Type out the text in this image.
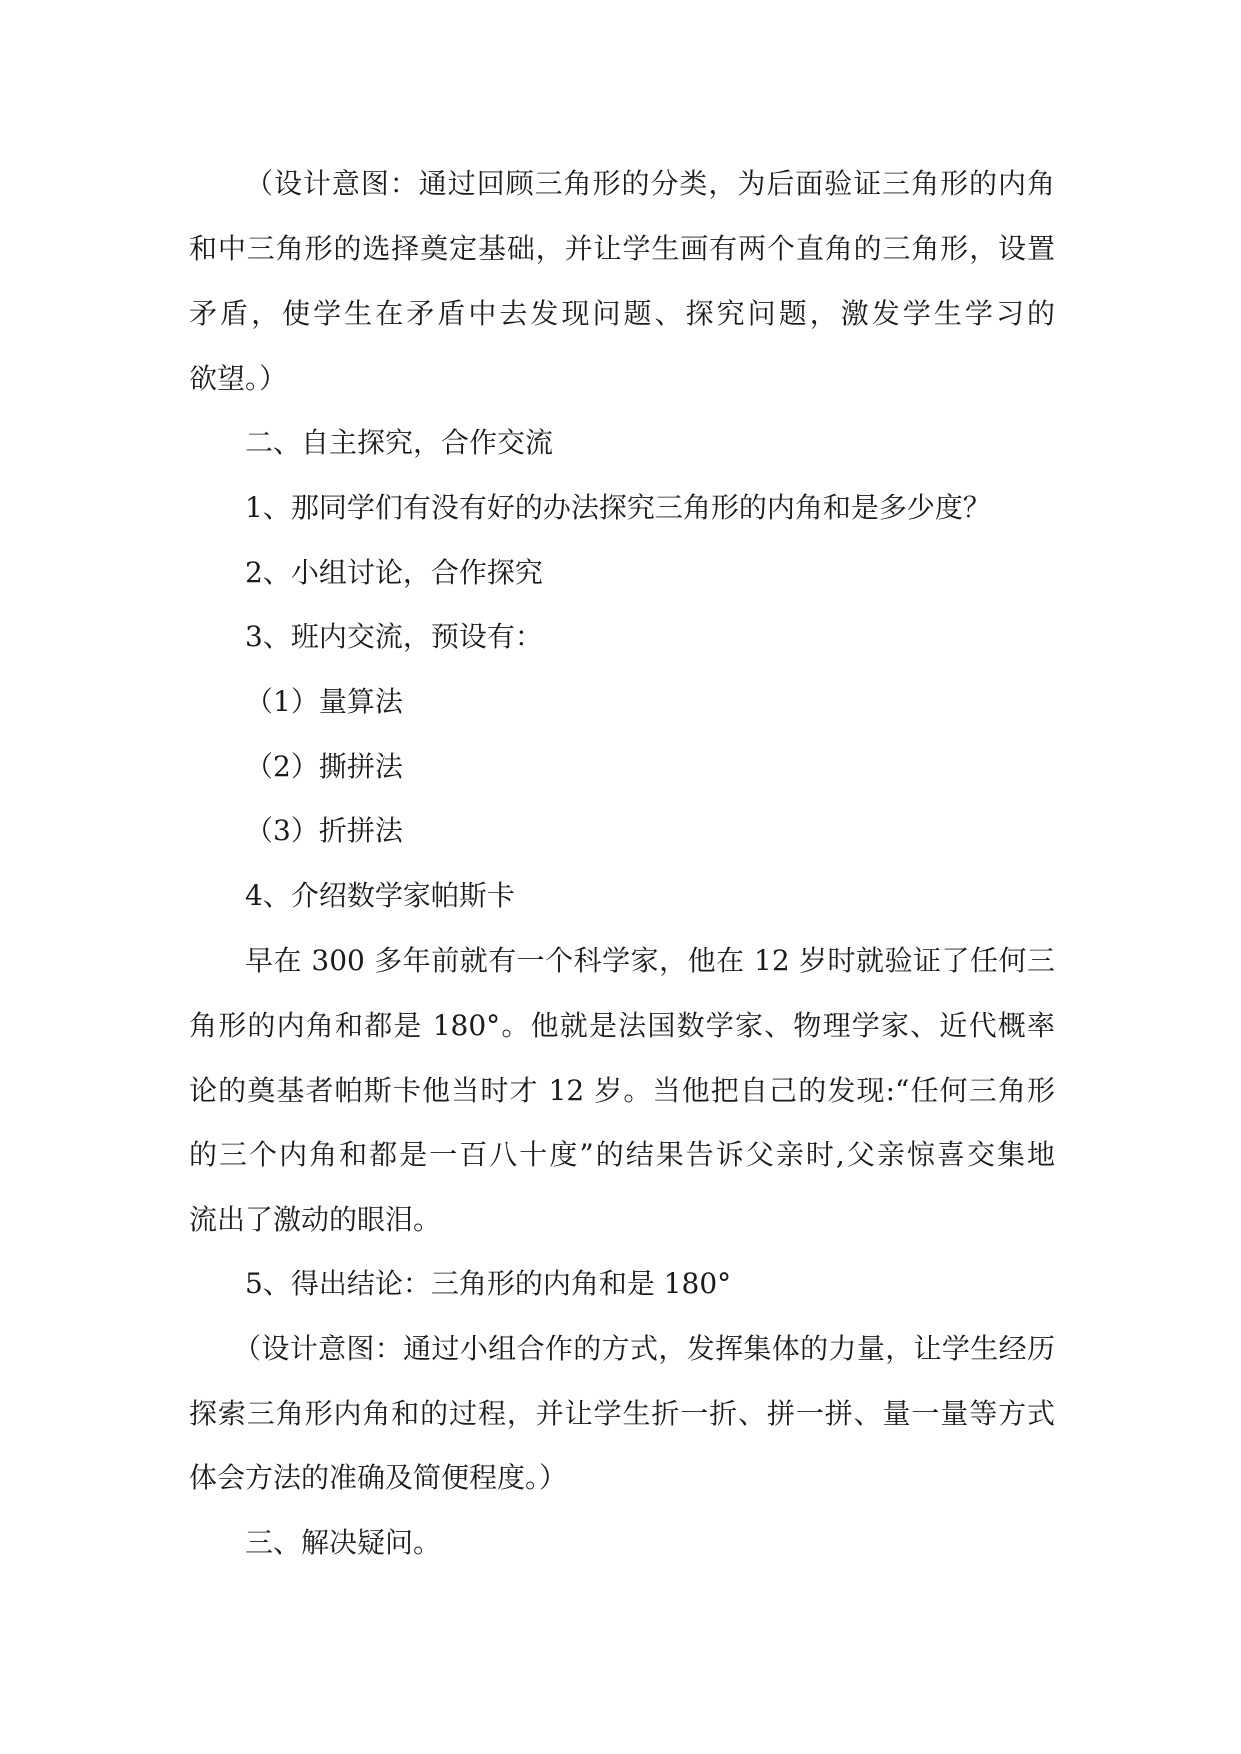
（设计意图：通过回顾三角形的分类，为后面验证三角形的内角
和中三角形的选择奠定基础，并让学生画有两个直角的三角形，设置
矛盾，使学生在矛盾中去发现问题、探究问题，激发学生学习的
欲望。）
二、自主探究，合作交流
1、那同学们有没有好的办法探究三角形的内角和是多少度？
2、小组讨论，合作探究
3、班内交流，预设有：
（1）量算法
（2）撕拼法
（3）折拼法
4、介绍数学家帕斯卡
早在 300 多年前就有一个科学家，他在 12 岁时就验证了任何三
角形的内角和都是 180°。他就是法国数学家、物理学家、近代概率
论的奠基者帕斯卡他当时才 12 岁。当他把自己的发现:“任何三角形
的三个内角和都是一百八十度”的结果告诉父亲时,父亲惊喜交集地
流出了激动的眼泪。
5、得出结论：三角形的内角和是 180°
（设计意图：通过小组合作的方式，发挥集体的力量，让学生经历
探索三角形内角和的过程，并让学生折一折、拼一拼、量一量等方式
体会方法的准确及简便程度。）
三、解决疑问。
